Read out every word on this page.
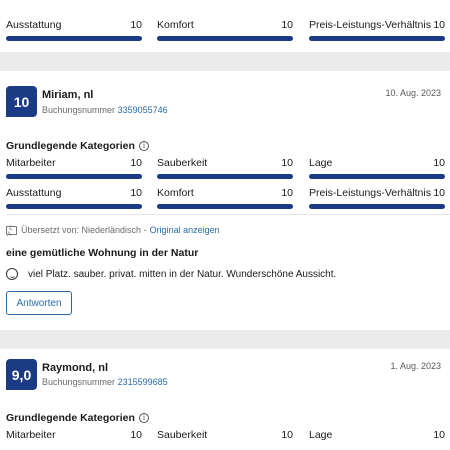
Ausstattung	10 Komfort	10 Preis-Leistungs-Verhältnis 10
10	Miriam, nl
Buchungsnummer 3359055746
10. Aug. 2023
Grundlegende Kategorien	i
Mitarbeiter	10 Sauberkeit	10 Lage	10
Ausstattung	10 Komfort	10 Preis-Leistungs-Verhältnis 10
文A	Übersetzt von: Niederländisch - Original anzeigen
eine gemütliche Wohnung in der Natur
viel Platz. sauber. privat. mitten in der Natur. Wunderschöne Aussicht.
Antworten
9,0 Raymond, nl
Buchungsnummer 2315599685
1. Aug. 2023
Grundlegende Kategorien	i
Mitarbeiter	10 Sauberkeit	10 Lage	10
